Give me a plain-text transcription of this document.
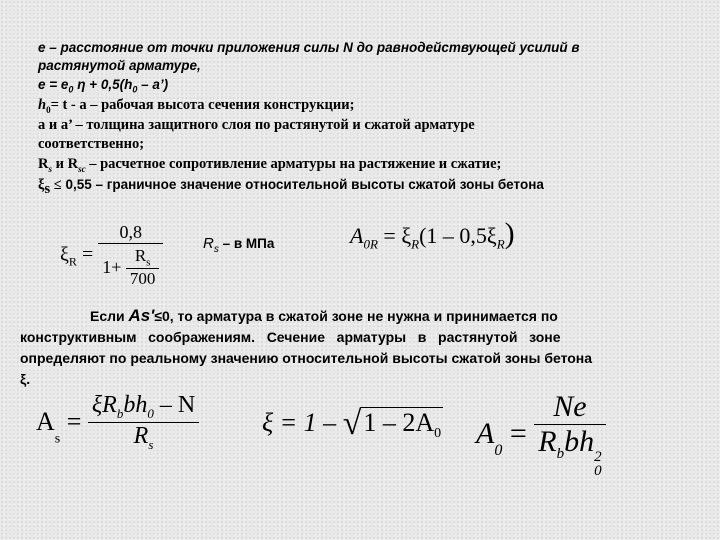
е – расстояние от точки приложения силы N до равнодействующей усилий в
растянутой арматуре,
$е = е_0$ $\eta + 0,5(h_0$ – а’)
$h_0= t - a$ – рабочая высота сечения конструкции;
а и а’ – толщина защитного слоя по растянутой и сжатой арматуре
соответственно;
$R_s$ и $R_{sc}$ – расчетное сопротивление арматуры на растяжение и сжатие;
$\xi_s \le 0,55$ – граничное значение относительной высоты сжатой зоны бетона
$\xi_R = \frac{0,8}{1+ \frac{R_s}{700}}$	$R_s$ – в МПа	$A_{0R} = \xi_R(1 - 0,5\xi_R)$
Если As'≤0, то арматура в сжатой зоне не нужна и принимается по
конструктивным   соображениям.   Сечение   арматуры   в   растянутой   зоне
определяют по реальному значению относительной высоты сжатой зоны бетона
ξ.
$A_s = \frac{\xi R_bbh_0 - N}{R_s}$ $\xi = 1 - √1 - 2A_0$ $A_0 = Ne$
$R_bbh$ 2
0
